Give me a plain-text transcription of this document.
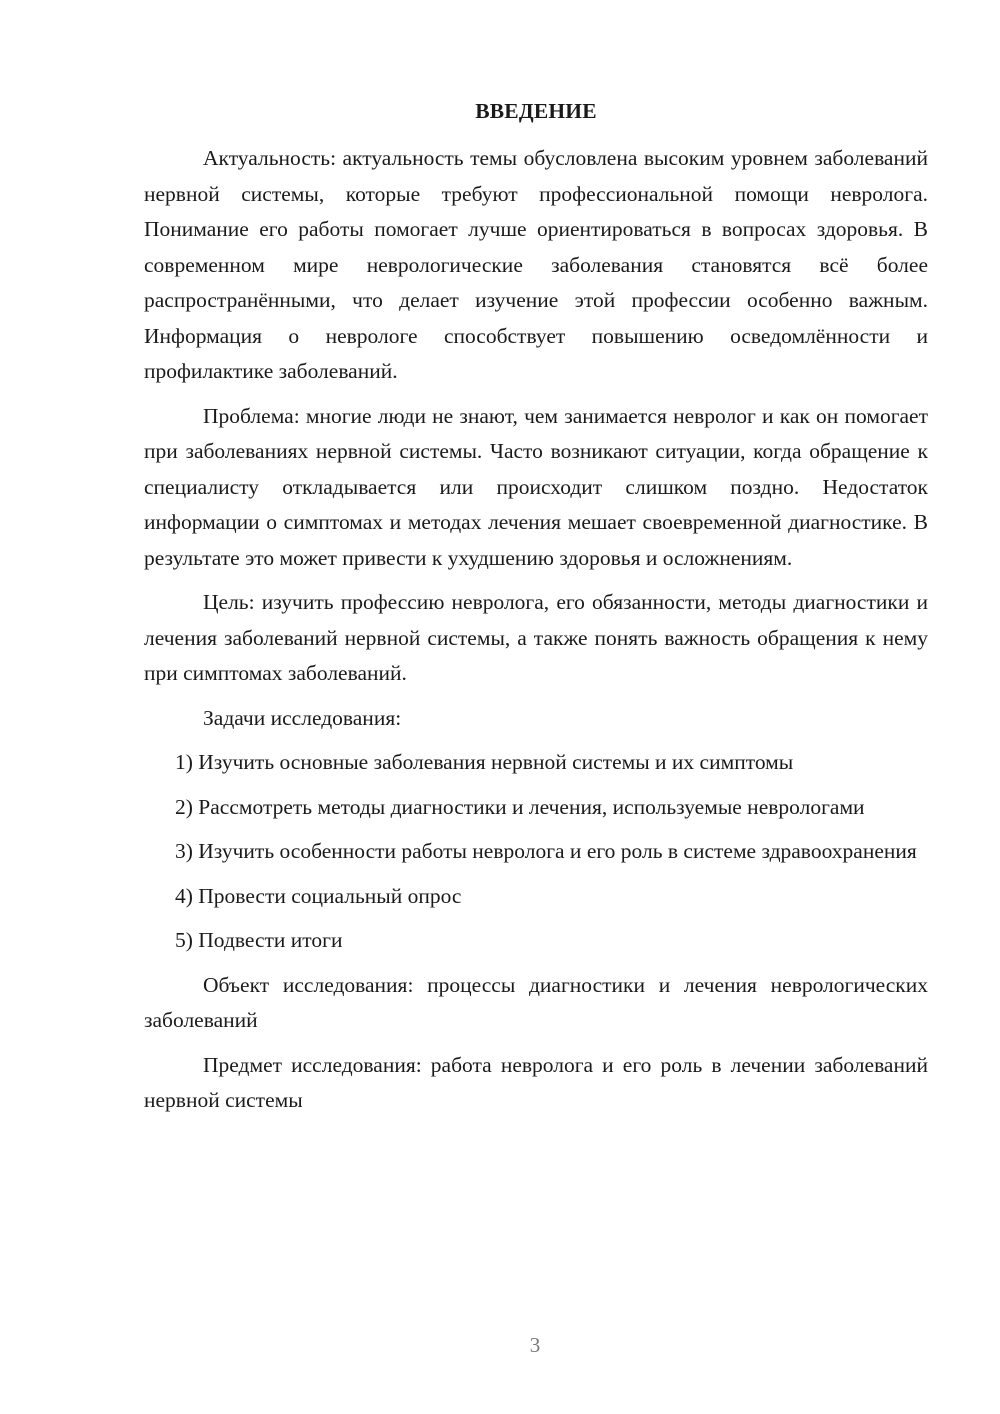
ВВЕДЕНИЕ

Актуальность: актуальность темы обусловлена высоким уровнем заболеваний нервной системы, которые требуют профессиональной помощи невролога. Понимание его работы помогает лучше ориентироваться в вопросах здоровья. В современном мире неврологические заболевания становятся всё более распространёнными, что делает изучение этой профессии особенно важным. Информация о неврологе способствует повышению осведомлённости и профилактике заболеваний.

Проблема: многие люди не знают, чем занимается невролог и как он помогает при заболеваниях нервной системы. Часто возникают ситуации, когда обращение к специалисту откладывается или происходит слишком поздно. Недостаток информации о симптомах и методах лечения мешает своевременной диагностике. В результате это может привести к ухудшению здоровья и осложнениям.

Цель: изучить профессию невролога, его обязанности, методы диагностики и лечения заболеваний нервной системы, а также понять важность обращения к нему при симптомах заболеваний.

Задачи исследования:

1) Изучить основные заболевания нервной системы и их симптомы

2) Рассмотреть методы диагностики и лечения, используемые неврологами

3) Изучить особенности работы невролога и его роль в системе здравоохранения

4) Провести социальный опрос

5) Подвести итоги

Объект исследования: процессы диагностики и лечения неврологических заболеваний

Предмет исследования: работа невролога и его роль в лечении заболеваний нервной системы

3
